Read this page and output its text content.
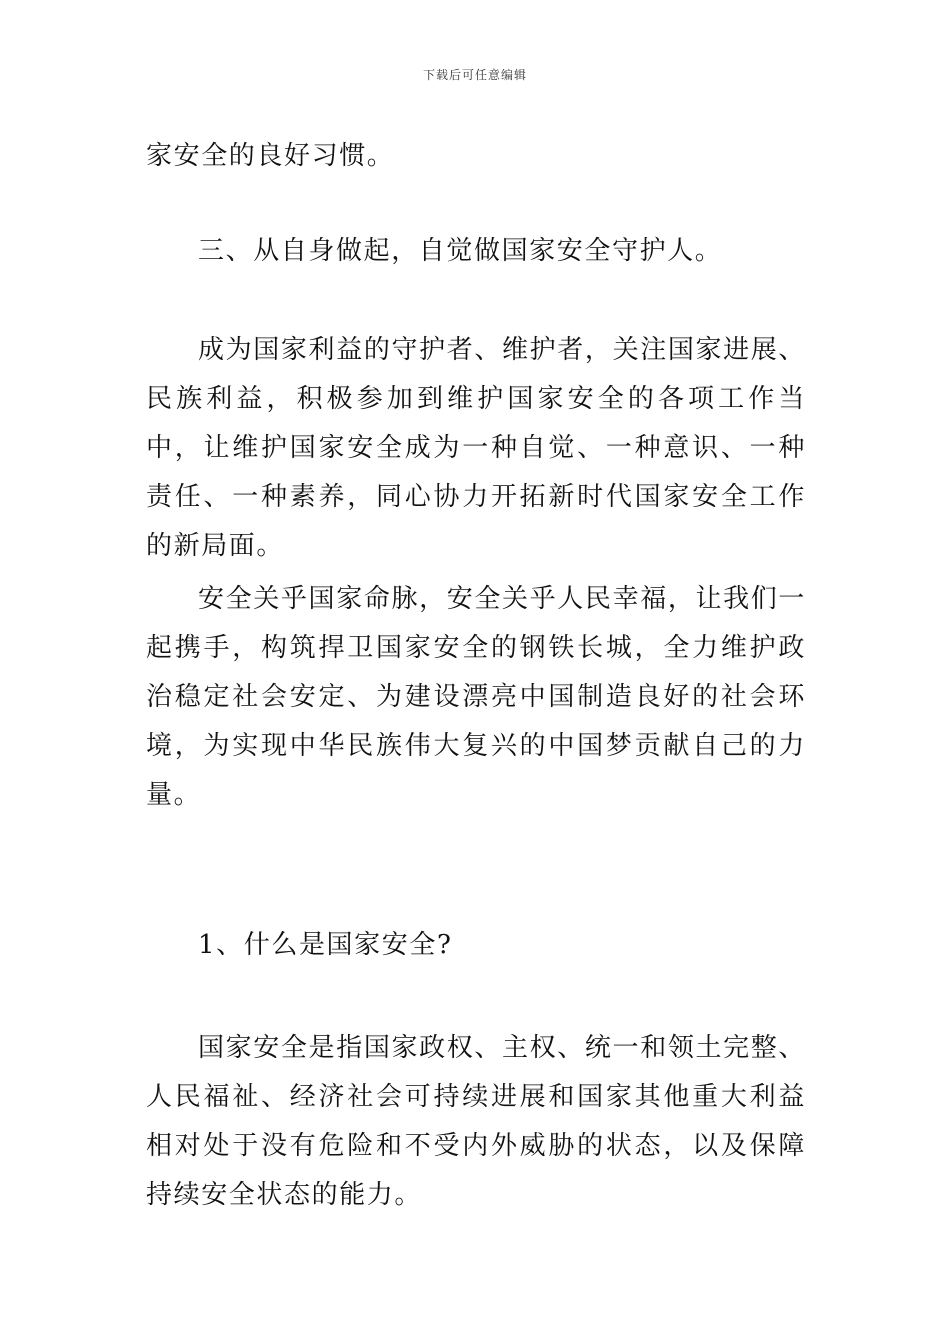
下载后可任意编辑

家安全的良好习惯。

三、从自身做起，自觉做国家安全守护人。

成为国家利益的守护者、维护者，关注国家进展、民族利益，积极参加到维护国家安全的各项工作当中，让维护国家安全成为一种自觉、一种意识、一种责任、一种素养，同心协力开拓新时代国家安全工作的新局面。

安全关乎国家命脉，安全关乎人民幸福，让我们一起携手，构筑捍卫国家安全的钢铁长城，全力维护政治稳定社会安定、为建设漂亮中国制造良好的社会环境，为实现中华民族伟大复兴的中国梦贡献自己的力量。

1、什么是国家安全?

国家安全是指国家政权、主权、统一和领土完整、人民福祉、经济社会可持续进展和国家其他重大利益相对处于没有危险和不受内外威胁的状态，以及保障持续安全状态的能力。
